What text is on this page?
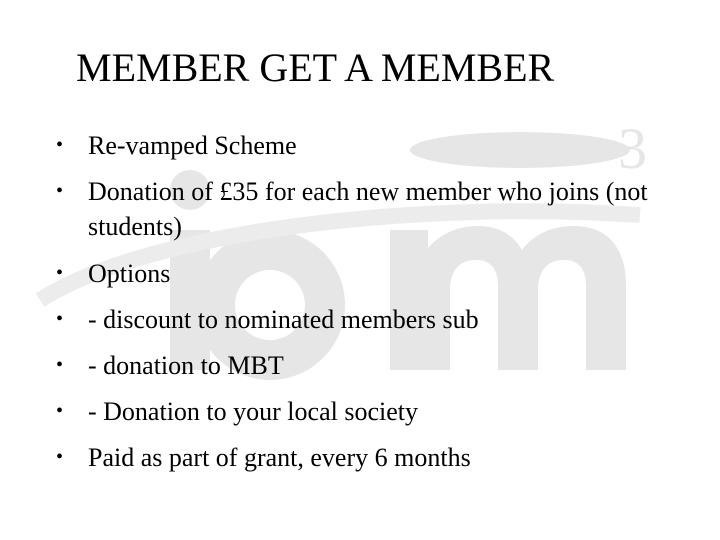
3
MEMBER GET A MEMBER
• Re-vamped Scheme
• Donation of £35 for each new member who joins (not students)
• Options
• - discount to nominated members sub
• - donation to MBT
• - Donation to your local society
• Paid as part of grant, every 6 months
